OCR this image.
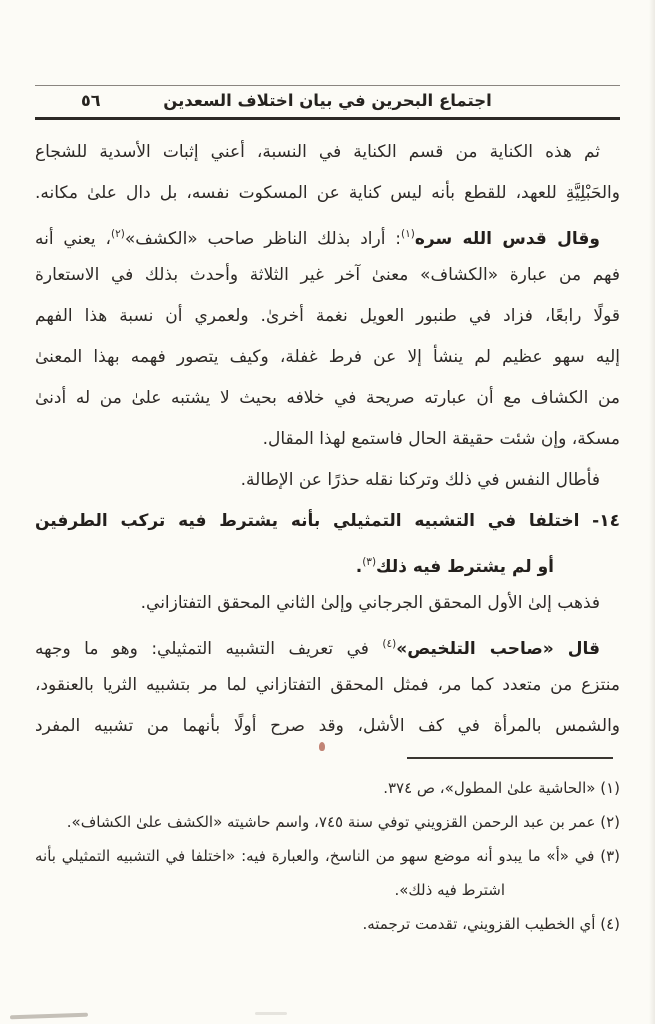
اجتماع البحرين في بيان اختلاف السعدين
٥٦
ثم هذه الكناية من قسم الكناية في النسبة، أعني إثبات الأسدية للشجاع
والحَبْلِيَّةِ للعهد، للقطع بأنه ليس كناية عن المسكوت نفسه، بل دال علىٰ مكانه.
وقال قدس الله سره$^{(١)}$: أراد بذلك الناظر صاحب «الكشف»$^{(٢)}$، يعني أنه
فهم من عبارة «الكشاف» معنىٰ آخر غير الثلاثة وأحدث بذلك في الاستعارة
قولًا رابعًا، فزاد في طنبور العويل نغمة أخرىٰ. ولعمري أن نسبة هذا الفهم
إليه سهو عظيم لم ينشأ إلا عن فرط غفلة، وكيف يتصور فهمه بهذا المعنىٰ
من الكشاف مع أن عبارته صريحة في خلافه بحيث لا يشتبه علىٰ من له أدنىٰ
مسكة، وإن شئت حقيقة الحال فاستمع لهذا المقال.
فأطال النفس في ذلك وتركنا نقله حذرًا عن الإطالة.
١٤- اختلفا في التشبيه التمثيلي بأنه يشترط فيه تركب الطرفين
أو لم يشترط فيه ذلك$^{(٣)}$.
فذهب إلىٰ الأول المحقق الجرجاني وإلىٰ الثاني المحقق التفتازاني.
قال «صاحب التلخيص»$^{(٤)}$ في تعريف التشبيه التمثيلي: وهو ما وجهه
منتزع من متعدد كما مر، فمثل المحقق التفتازاني لما مر بتشبيه الثريا بالعنقود،
والشمس بالمرأة في كف الأشل، وقد صرح أولًا بأنهما من تشبيه المفرد
(١) «الحاشية علىٰ المطول»، ص ٣٧٤.
(٢) عمر بن عبد الرحمن القزويني توفي سنة ٧٤٥، واسم حاشيته «الكشف علىٰ الكشاف».
(٣) في «أ» ما يبدو أنه موضع سهو من الناسخ، والعبارة فيه: «اختلفا في التشبيه التمثيلي بأنه
اشترط فيه ذلك».
(٤) أي الخطيب القزويني، تقدمت ترجمته.
